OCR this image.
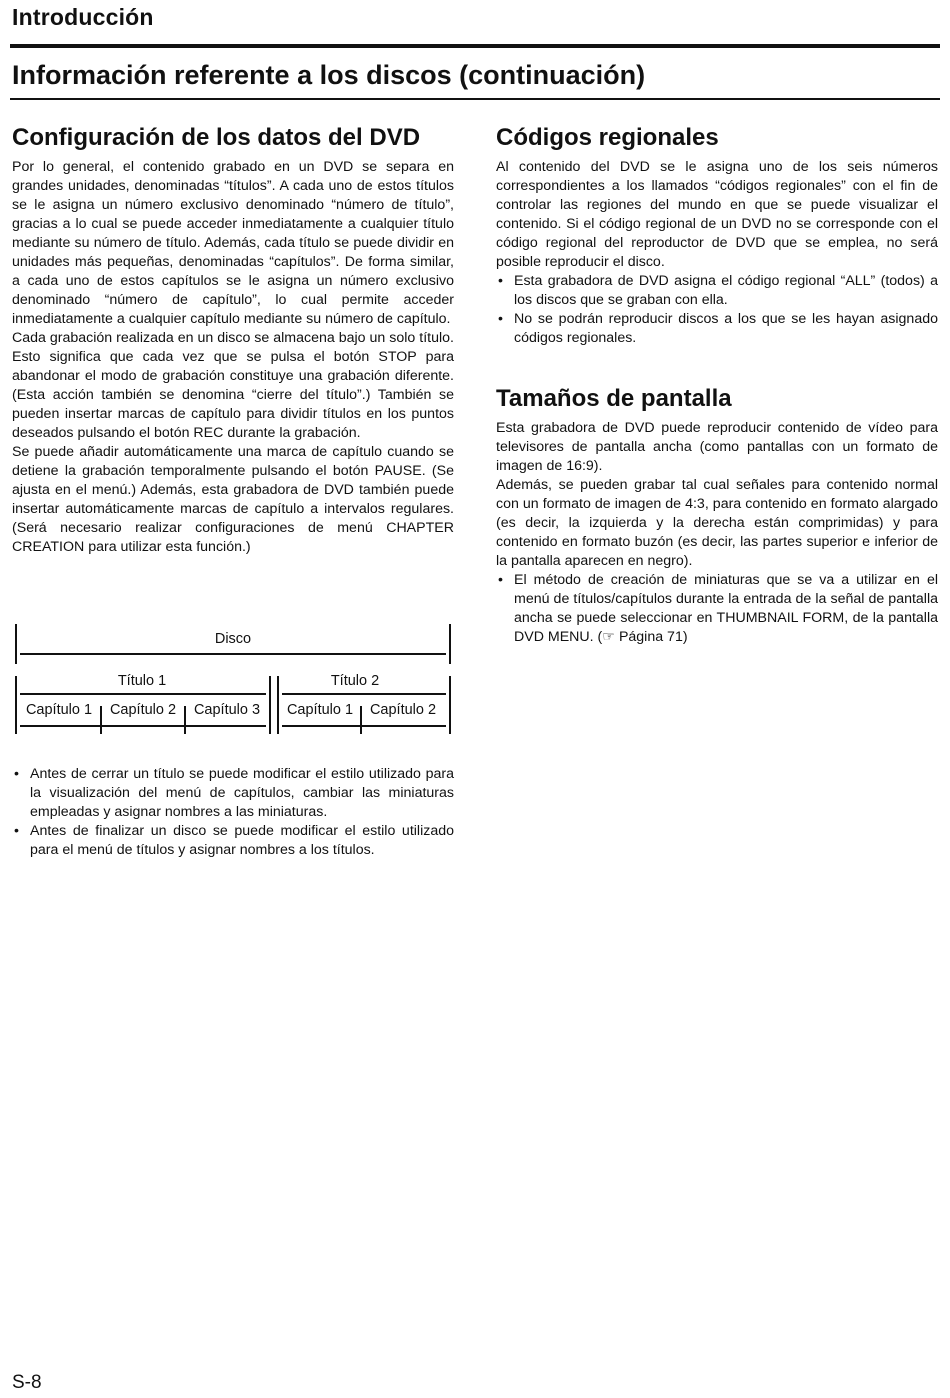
Introducción
Información referente a los discos (continuación)
Configuración de los datos del DVD

Por lo general, el contenido grabado en un DVD se separa en grandes unidades, denominadas “títulos”. A cada uno de estos títulos se le asigna un número exclusivo denominado “número de título”, gracias a lo cual se puede acceder inmediatamente a cualquier título mediante su número de título. Además, cada título se puede dividir en unidades más pequeñas, denominadas “capítulos”. De forma similar, a cada uno de estos capítulos se le asigna un número exclusivo denominado “número de capítulo”, lo cual permite acceder inmediatamente a cualquier capítulo mediante su número de capítulo.

Cada grabación realizada en un disco se almacena bajo un solo título. Esto significa que cada vez que se pulsa el botón STOP para abandonar el modo de grabación constituye una grabación diferente. (Esta acción también se denomina “cierre del título”.) También se pueden insertar marcas de capítulo para dividir títulos en los puntos deseados pulsando el botón REC durante la grabación.

Se puede añadir automáticamente una marca de capítulo cuando se detiene la grabación temporalmente pulsando el botón PAUSE. (Se ajusta en el menú.) Además, esta grabadora de DVD también puede insertar automáticamente marcas de capítulo a intervalos regulares. (Será necesario realizar configuraciones de menú CHAPTER CREATION para utilizar esta función.)

Disco
Título 1	Título 2
Capítulo 1 Capítulo 2 Capítulo 3 Capítulo 1 Capítulo 2
• Antes de cerrar un título se puede modificar el estilo utilizado para la visualización del menú de capítulos, cambiar las miniaturas empleadas y asignar nombres a las miniaturas.
• Antes de finalizar un disco se puede modificar el estilo utilizado para el menú de títulos y asignar nombres a los títulos.
Códigos regionales

Al contenido del DVD se le asigna uno de los seis números correspondientes a los llamados “códigos regionales” con el fin de controlar las regiones del mundo en que se puede visualizar el contenido. Si el código regional de un DVD no se corresponde con el código regional del reproductor de DVD que se emplea, no será posible reproducir el disco.

• Esta grabadora de DVD asigna el código regional “ALL” (todos) a los discos que se graban con ella.
• No se podrán reproducir discos a los que se les hayan asignado códigos regionales.
Tamaños de pantalla

Esta grabadora de DVD puede reproducir contenido de vídeo para televisores de pantalla ancha (como pantallas con un formato de imagen de 16:9).

Además, se pueden grabar tal cual señales para contenido normal con un formato de imagen de 4:3, para contenido en formato alargado (es decir, la izquierda y la derecha están comprimidas) y para contenido en formato buzón (es decir, las partes superior e inferior de la pantalla aparecen en negro).

• El método de creación de miniaturas que se va a utilizar en el menú de títulos/capítulos durante la entrada de la señal de pantalla ancha se puede seleccionar en THUMBNAIL FORM, de la pantalla DVD MENU. (☞ Página 71)
S-8
